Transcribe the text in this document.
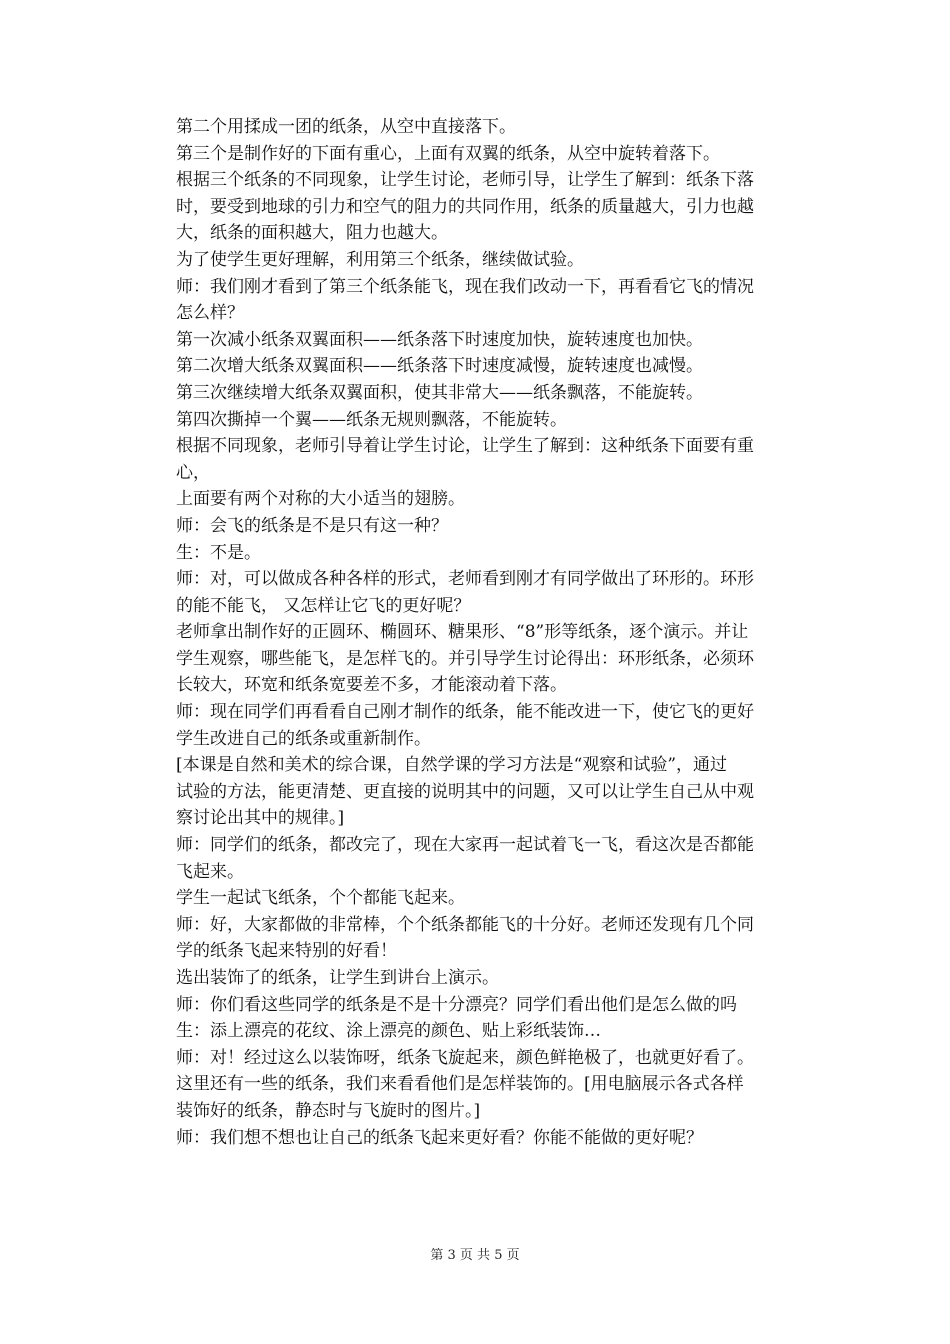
第二个用揉成一团的纸条，从空中直接落下。
第三个是制作好的下面有重心，上面有双翼的纸条，从空中旋转着落下。
根据三个纸条的不同现象，让学生讨论，老师引导，让学生了解到：纸条下落
时，要受到地球的引力和空气的阻力的共同作用，纸条的质量越大，引力也越
大，纸条的面积越大，阻力也越大。
为了使学生更好理解，利用第三个纸条，继续做试验。
师：我们刚才看到了第三个纸条能飞，现在我们改动一下，再看看它飞的情况
怎么样？
第一次减小纸条双翼面积——纸条落下时速度加快，旋转速度也加快。
第二次增大纸条双翼面积——纸条落下时速度减慢，旋转速度也减慢。
第三次继续增大纸条双翼面积，使其非常大——纸条飘落，不能旋转。
第四次撕掉一个翼——纸条无规则飘落，不能旋转。
根据不同现象，老师引导着让学生讨论，让学生了解到：这种纸条下面要有重
心，
上面要有两个对称的大小适当的翅膀。
师：会飞的纸条是不是只有这一种？
生：不是。
师：对，可以做成各种各样的形式，老师看到刚才有同学做出了环形的。环形
的能不能飞， 又怎样让它飞的更好呢？
老师拿出制作好的正圆环、椭圆环、糖果形、“8”形等纸条，逐个演示。并让
学生观察，哪些能飞，是怎样飞的。并引导学生讨论得出：环形纸条，必须环
长较大，环宽和纸条宽要差不多，才能滚动着下落。
师：现在同学们再看看自己刚才制作的纸条，能不能改进一下，使它飞的更好
学生改进自己的纸条或重新制作。
[本课是自然和美术的综合课，自然学课的学习方法是“观察和试验”，通过
试验的方法，能更清楚、更直接的说明其中的问题，又可以让学生自己从中观
察讨论出其中的规律。]
师：同学们的纸条，都改完了，现在大家再一起试着飞一飞，看这次是否都能
飞起来。
学生一起试飞纸条，个个都能飞起来。
师：好，大家都做的非常棒，个个纸条都能飞的十分好。老师还发现有几个同
学的纸条飞起来特别的好看！
选出装饰了的纸条，让学生到讲台上演示。
师：你们看这些同学的纸条是不是十分漂亮？同学们看出他们是怎么做的吗
生：添上漂亮的花纹、涂上漂亮的颜色、贴上彩纸装饰…
师：对！经过这么以装饰呀，纸条飞旋起来，颜色鲜艳极了，也就更好看了。
这里还有一些的纸条，我们来看看他们是怎样装饰的。[用电脑展示各式各样
装饰好的纸条，静态时与飞旋时的图片。]
师：我们想不想也让自己的纸条飞起来更好看？你能不能做的更好呢？
第 3 页 共 5 页
